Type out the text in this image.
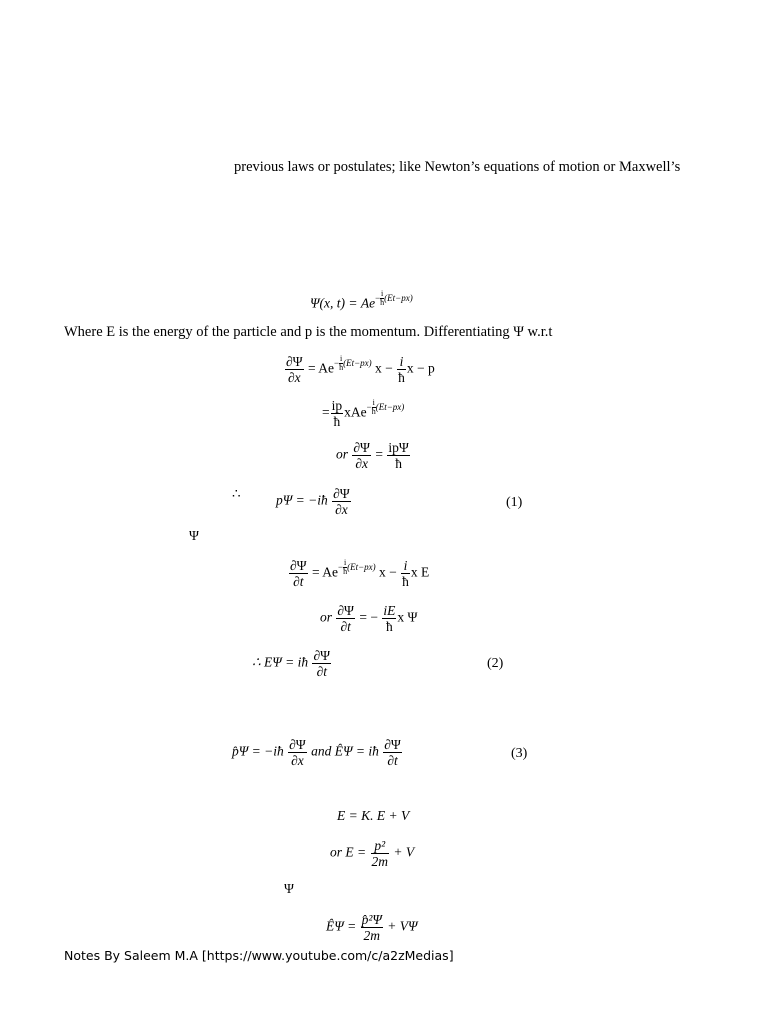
previous laws or postulates; like Newton’s equations of motion or Maxwell’s
Ψ(x, $t) = Ae^{- \frac{i}{ħ} (Et-px)}$
Where E is the energy of the particle and p is the momentum. Differentiating Ψ w.r.t
$\frac{\partial\Psi}{\partial x} = Ae^{- \frac{i}{ħ} (Et-px)}$ $x - \frac{i}{ħ}$ x − p
= $\frac{ip}{ħ} xAe^{- \frac{i}{ħ} (Et-px)}$
or $\frac{\partial\Psi}{\partial x} = \frac{\text{ipΨ}}{ħ}$
∴	pΨ = −iħ $\frac{\partial\Psi}{\partial x}$	(1)
Ψ
$\frac{\partial\Psi}{\partial t} = Ae^{- \frac{i}{ħ} (Et-px)}$ $x - \frac{i}{ħ}$ x E
or $\frac{\partial\Psi}{\partial t}$ = − $\frac{iE}{ħ}$ x Ψ
∴ EΨ = iħ $\frac{\partial\Psi}{\partial t}$	(2)
p̂Ψ = −iħ $\frac{\partial\Psi}{\partial x}$ and ÊΨ = iħ $\frac{\partial\Psi}{\partial t}$	(3)
E = K. E + V
or $E = \frac{\text{p²}}{2m} + V$
Ψ
ÊΨ = $\frac{\text{p̂²Ψ}}{2m} + V\Psi$
Notes By Saleem M.A [https://www.youtube.com/c/a2zMedias]
